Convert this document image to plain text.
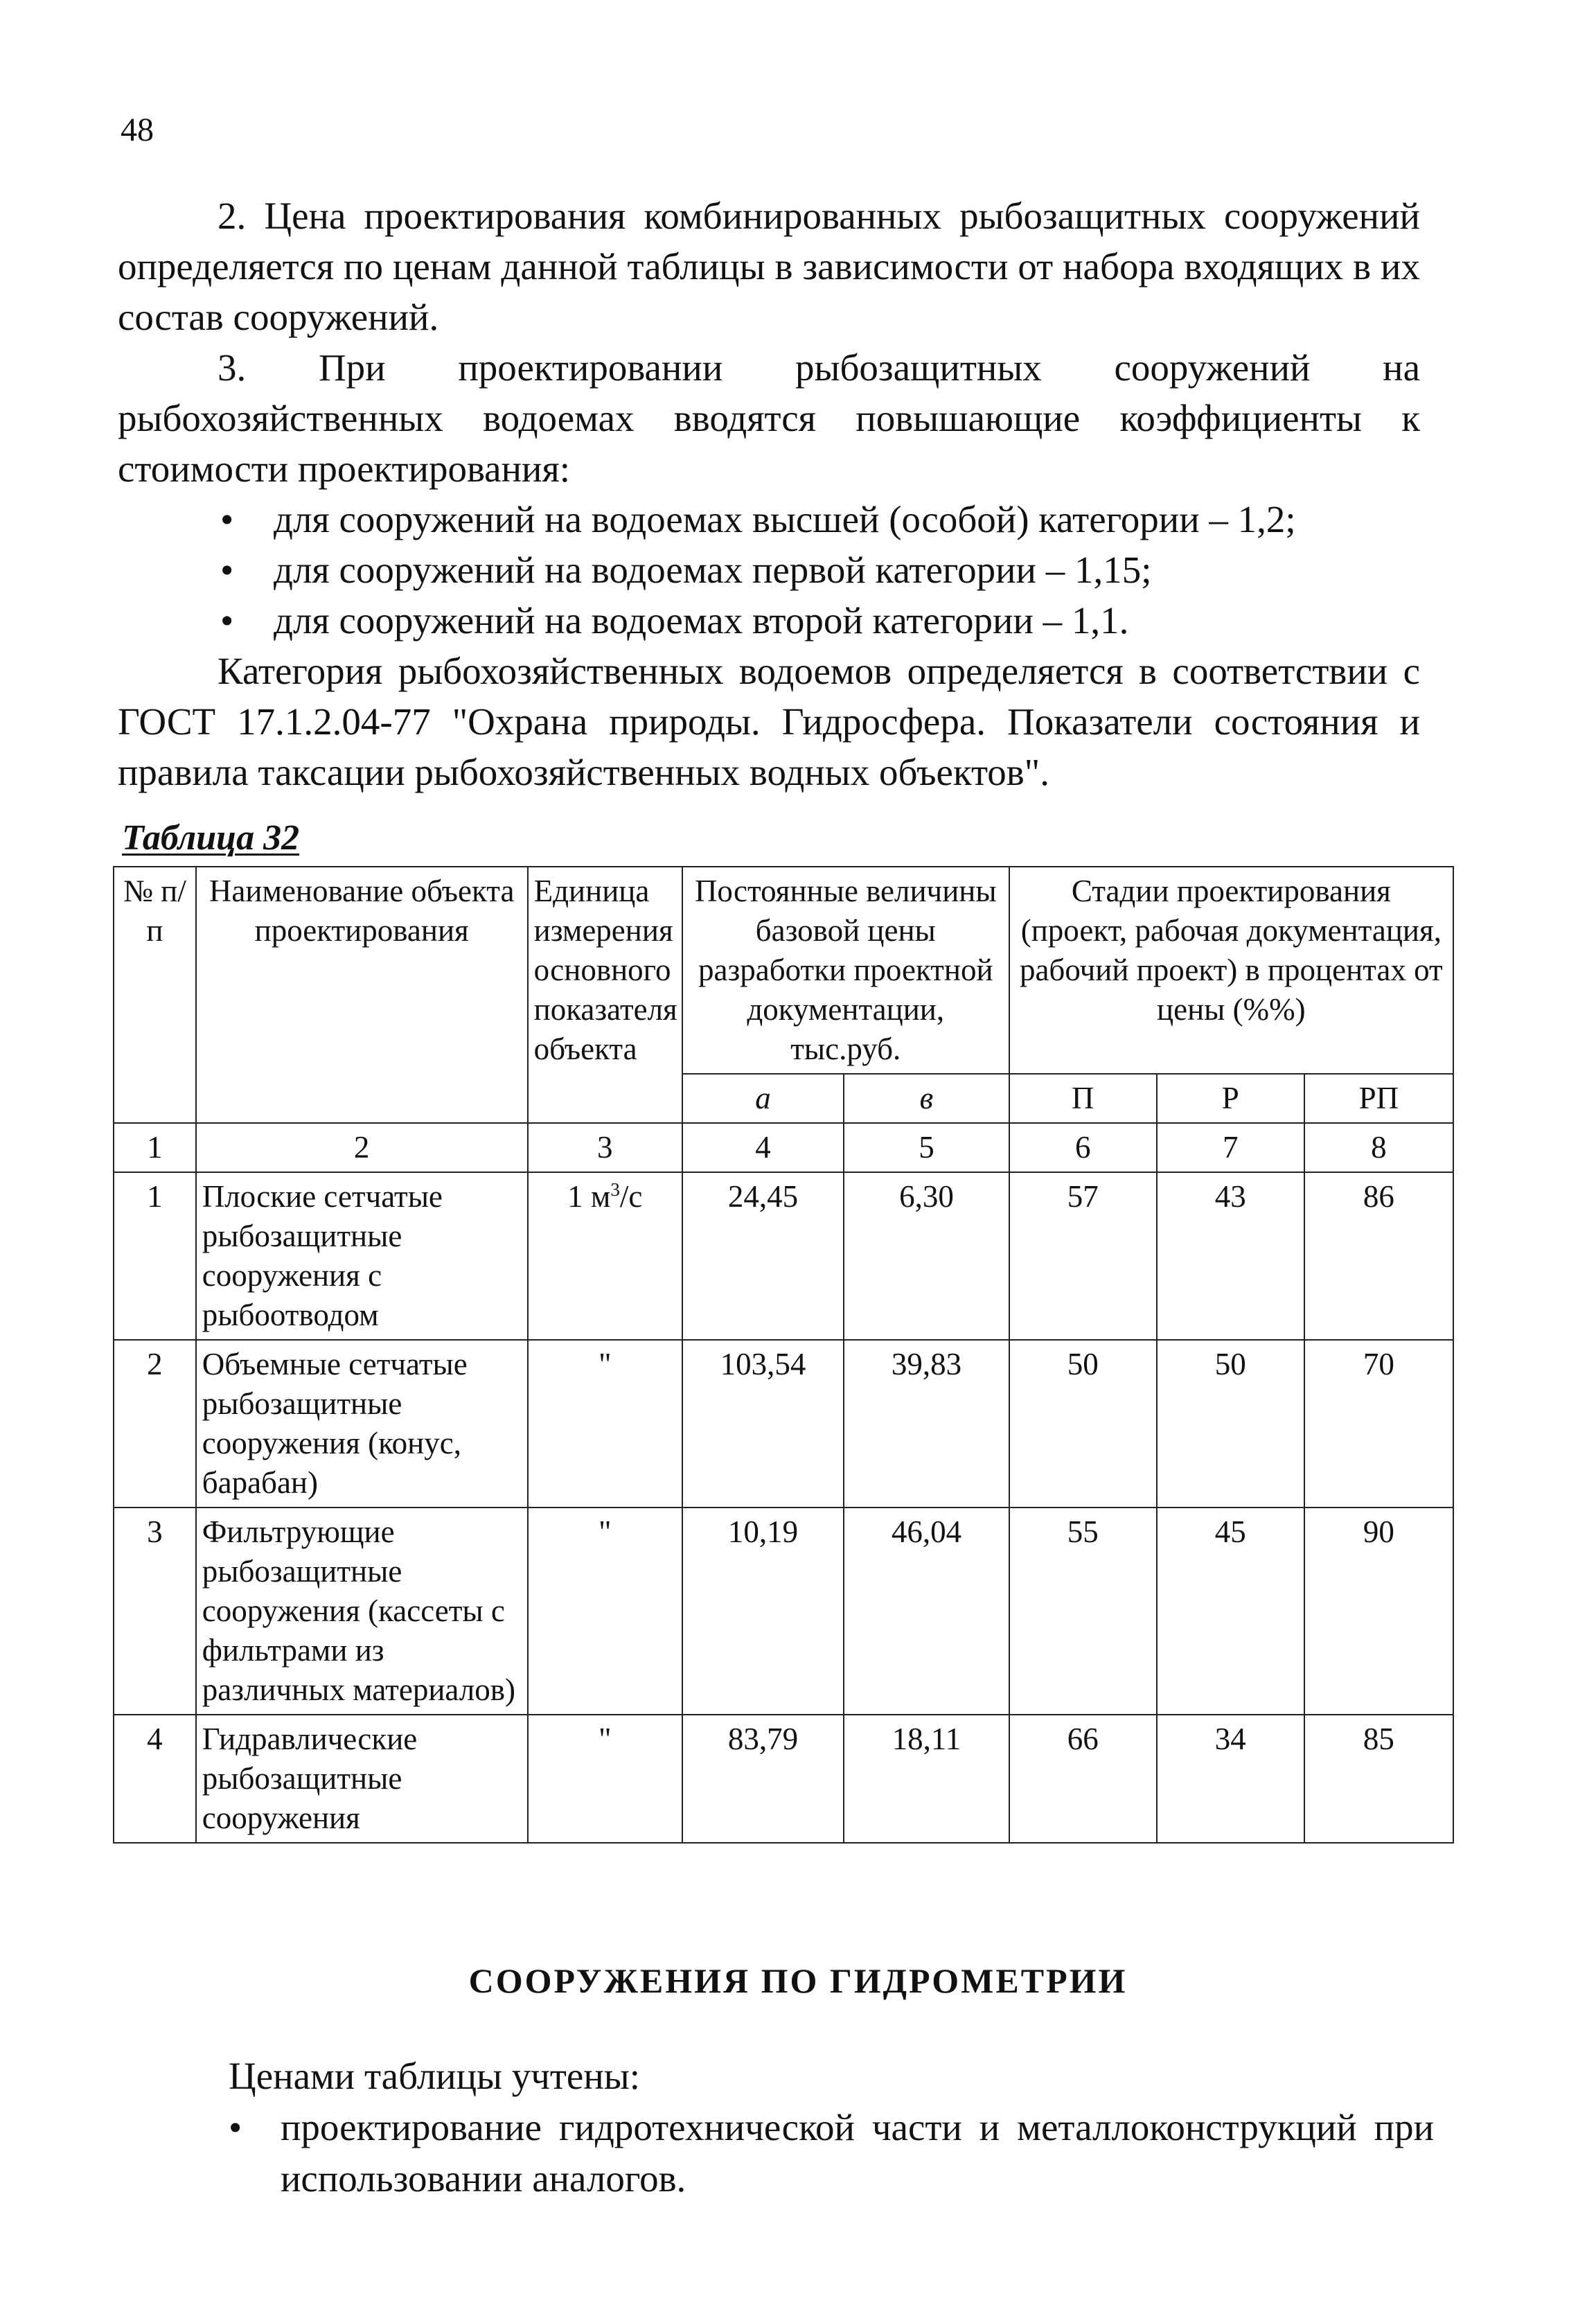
48

2. Цена проектирования комбинированных рыбозащитных сооружений определяется по ценам данной таблицы в зависимости от набора входящих в их состав сооружений.

3. При проектировании рыбозащитных сооружений на рыбохозяйственных водоемах вводятся повышающие коэффициенты к стоимости проектирования:

• для сооружений на водоемах высшей (особой) категории – 1,2;
• для сооружений на водоемах первой категории – 1,15;
• для сооружений на водоемах второй категории – 1,1.

Категория рыбохозяйственных водоемов определяется в соответствии с ГОСТ 17.1.2.04-77 "Охрана природы. Гидросфера. Показатели состояния и правила таксации рыбохозяйственных водных объектов".

Таблица 32
№ п/п	Наименование объекта проектирования	Единица измерения основного показателя объекта	Постоянные величины базовой цены разработки проектной документации, тыс.руб.		Стадии проектирования (проект, рабочая документация, рабочий проект) в процентах от цены (%%)		
			а	в	П	Р	РП
1	2	3	4	5	6	7	8
1	Плоские сетчатые рыбозащитные сооружения с рыбоотводом	1 $м^3/с$	24,45	6,30	57	43	86
2	Объемные сетчатые рыбозащитные сооружения (конус, барабан)	"	103,54	39,83	50	50	70
3	Фильтрующие рыбозащитные сооружения (кассеты с фильтрами из различных материалов)	"	10,19	46,04	55	45	90
4	Гидравлические рыбозащитные сооружения	"	83,79	18,11	66	34	85
СООРУЖЕНИЯ ПО ГИДРОМЕТРИИ

Ценами таблицы учтены:

• проектирование гидротехнической части и металлоконструкций при использовании аналогов.
